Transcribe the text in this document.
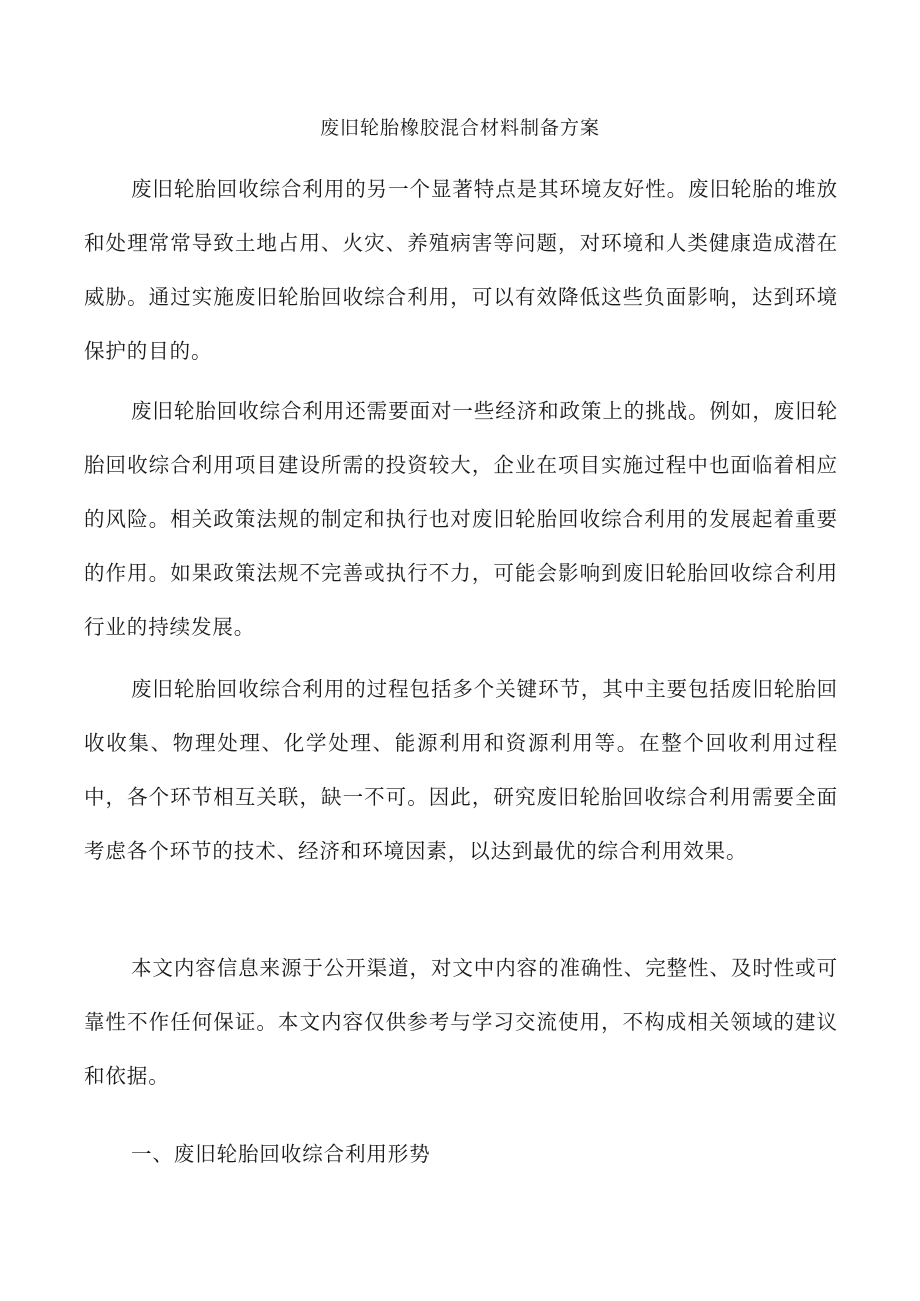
废旧轮胎橡胶混合材料制备方案

废旧轮胎回收综合利用的另一个显著特点是其环境友好性。废旧轮胎的堆放和处理常常导致土地占用、火灾、养殖病害等问题，对环境和人类健康造成潜在威胁。通过实施废旧轮胎回收综合利用，可以有效降低这些负面影响，达到环境保护的目的。

废旧轮胎回收综合利用还需要面对一些经济和政策上的挑战。例如，废旧轮胎回收综合利用项目建设所需的投资较大，企业在项目实施过程中也面临着相应的风险。相关政策法规的制定和执行也对废旧轮胎回收综合利用的发展起着重要的作用。如果政策法规不完善或执行不力，可能会影响到废旧轮胎回收综合利用行业的持续发展。

废旧轮胎回收综合利用的过程包括多个关键环节，其中主要包括废旧轮胎回收收集、物理处理、化学处理、能源利用和资源利用等。在整个回收利用过程中，各个环节相互关联，缺一不可。因此，研究废旧轮胎回收综合利用需要全面考虑各个环节的技术、经济和环境因素，以达到最优的综合利用效果。

本文内容信息来源于公开渠道，对文中内容的准确性、完整性、及时性或可靠性不作任何保证。本文内容仅供参考与学习交流使用，不构成相关领域的建议和依据。

一、废旧轮胎回收综合利用形势
